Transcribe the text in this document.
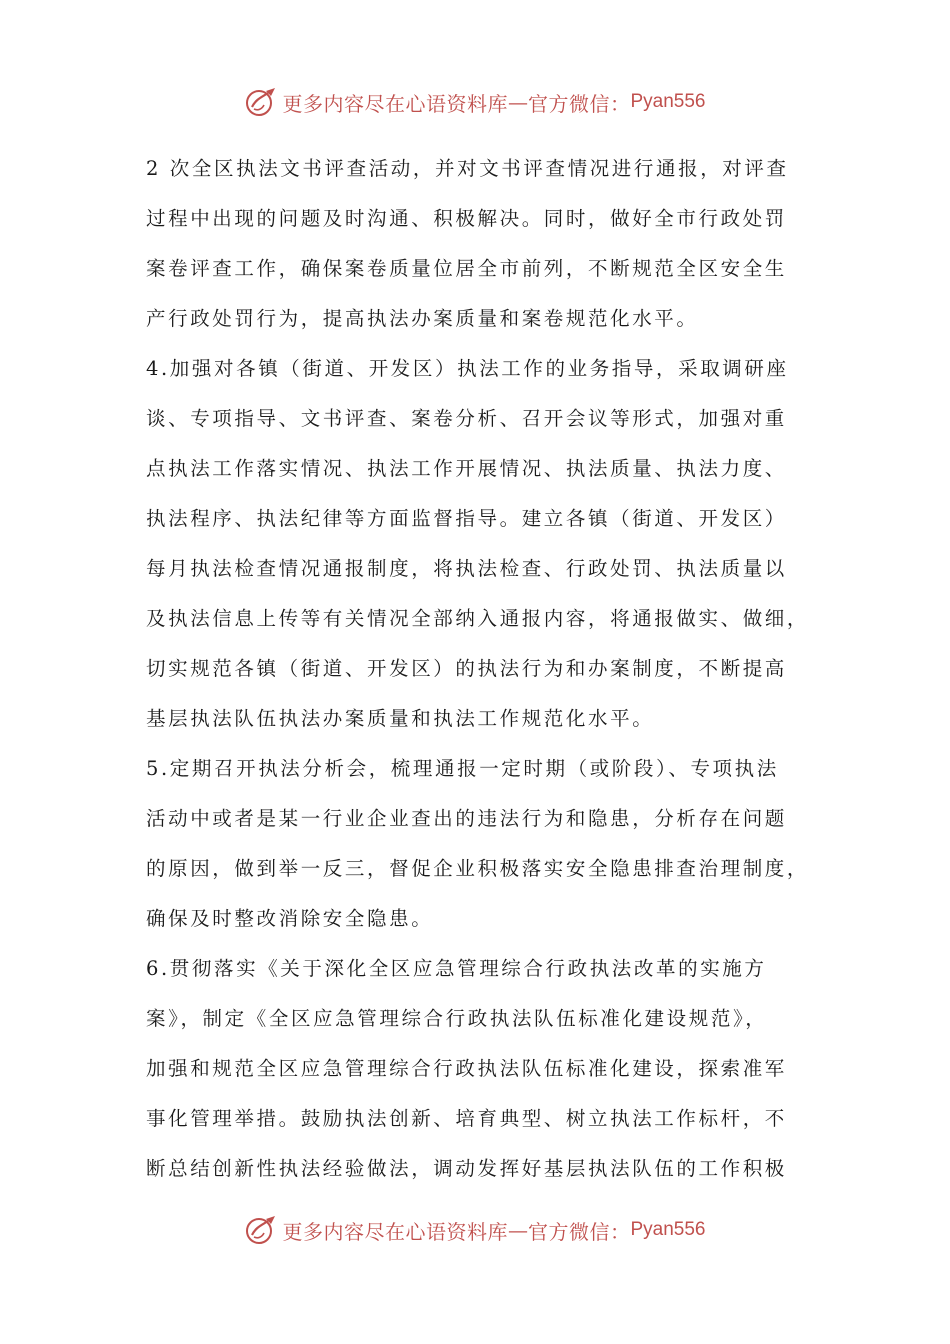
更多内容尽在心语资料库 — 官方微信： Pyan556
2 次全区执法文书评查活动，并对文书评查情况进行通报，对评查
过程中出现的问题及时沟通、积极解决。同时，做好全市行政处罚
案卷评查工作，确保案卷质量位居全市前列，不断规范全区安全生
产行政处罚行为，提高执法办案质量和案卷规范化水平。
4.加强对各镇（街道、开发区）执法工作的业务指导，采取调研座
谈、专项指导、文书评查、案卷分析、召开会议等形式，加强对重
点执法工作落实情况、执法工作开展情况、执法质量、执法力度、
执法程序、执法纪律等方面监督指导。建立各镇（街道、开发区）
每月执法检查情况通报制度，将执法检查、行政处罚、执法质量以
及执法信息上传等有关情况全部纳入通报内容，将通报做实、做细，
切实规范各镇（街道、开发区）的执法行为和办案制度，不断提高
基层执法队伍执法办案质量和执法工作规范化水平。
5.定期召开执法分析会，梳理通报一定时期（或阶段）、专项执法
活动中或者是某一行业企业查出的违法行为和隐患，分析存在问题
的原因，做到举一反三，督促企业积极落实安全隐患排查治理制度，
确保及时整改消除安全隐患。
6.贯彻落实《关于深化全区应急管理综合行政执法改革的实施方
案》，制定《全区应急管理综合行政执法队伍标准化建设规范》，
加强和规范全区应急管理综合行政执法队伍标准化建设，探索准军
事化管理举措。鼓励执法创新、培育典型、树立执法工作标杆，不
断总结创新性执法经验做法，调动发挥好基层执法队伍的工作积极
更多内容尽在心语资料库 — 官方微信： Pyan556
